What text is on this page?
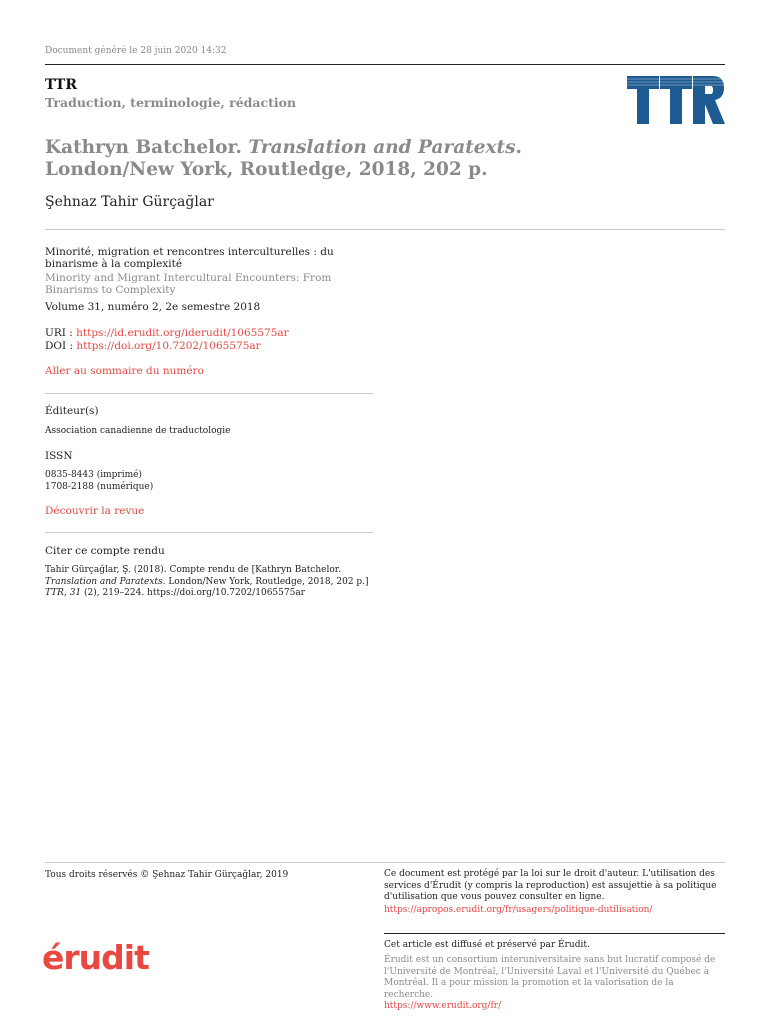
Document généré le 28 juin 2020 14:32
TTR
Traduction, terminologie, rédaction
Kathryn Batchelor. Translation and Paratexts. London/New York, Routledge, 2018, 202 p.
Şehnaz Tahir Gürçağlar
Minorité, migration et rencontres interculturelles : du binarisme à la complexité
Minority and Migrant Intercultural Encounters: From Binarisms to Complexity
Volume 31, numéro 2, 2e semestre 2018
URI : https://id.erudit.org/iderudit/1065575ar
DOI : https://doi.org/10.7202/1065575ar
Aller au sommaire du numéro
Éditeur(s)
Association canadienne de traductologie
ISSN
0835-8443 (imprimé)
1708-2188 (numérique)
Découvrir la revue
Citer ce compte rendu
Tahir Gürçağlar, Ş. (2018). Compte rendu de [Kathryn Batchelor. Translation and Paratexts. London/New York, Routledge, 2018, 202 p.] TTR, 31 (2), 219–224. https://doi.org/10.7202/1065575ar
Tous droits réservés © Şehnaz Tahir Gürçağlar, 2019	Ce document est protégé par la loi sur le droit d'auteur. L'utilisation des services d'Érudit (y compris la reproduction) est assujettie à sa politique d'utilisation que vous pouvez consulter en ligne.
https://apropos.erudit.org/fr/usagers/politique-dutilisation/
érudit	Cet article est diffusé et préservé par Érudit.
Érudit est un consortium interuniversitaire sans but lucratif composé de l'Université de Montréal, l'Université Laval et l'Université du Québec à Montréal. Il a pour mission la promotion et la valorisation de la recherche.
https://www.erudit.org/fr/
